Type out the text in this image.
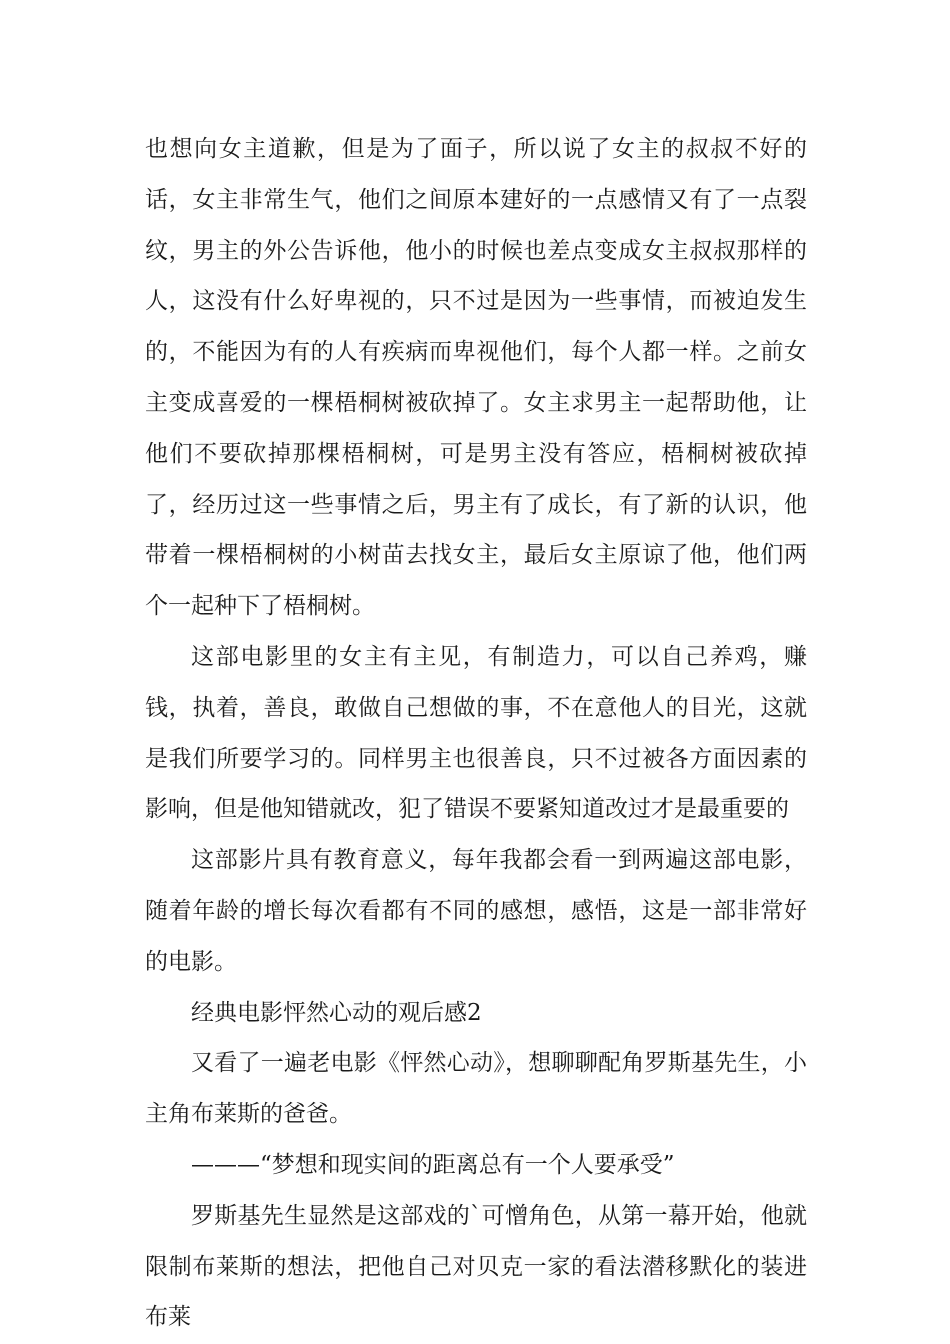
也想向女主道歉，但是为了面子，所以说了女主的叔叔不好的话，女主非常生气，他们之间原本建好的一点感情又有了一点裂纹，男主的外公告诉他，他小的时候也差点变成女主叔叔那样的人，这没有什么好卑视的，只不过是因为一些事情，而被迫发生的，不能因为有的人有疾病而卑视他们，每个人都一样。之前女主变成喜爱的一棵梧桐树被砍掉了。女主求男主一起帮助他，让他们不要砍掉那棵梧桐树，可是男主没有答应，梧桐树被砍掉了，经历过这一些事情之后，男主有了成长，有了新的认识，他带着一棵梧桐树的小树苗去找女主，最后女主原谅了他，他们两个一起种下了梧桐树。

这部电影里的女主有主见，有制造力，可以自己养鸡，赚钱，执着，善良，敢做自己想做的事，不在意他人的目光，这就是我们所要学习的。同样男主也很善良，只不过被各方面因素的影响，但是他知错就改，犯了错误不要紧知道改过才是最重要的

这部影片具有教育意义，每年我都会看一到两遍这部电影，随着年龄的增长每次看都有不同的感想，感悟，这是一部非常好的电影。

经典电影怦然心动的观后感2

又看了一遍老电影《怦然心动》，想聊聊配角罗斯基先生，小主角布莱斯的爸爸。

———“梦想和现实间的距离总有一个人要承受”

罗斯基先生显然是这部戏的`可憎角色，从第一幕开始，他就限制布莱斯的想法，把他自己对贝克一家的看法潜移默化的装进布莱
